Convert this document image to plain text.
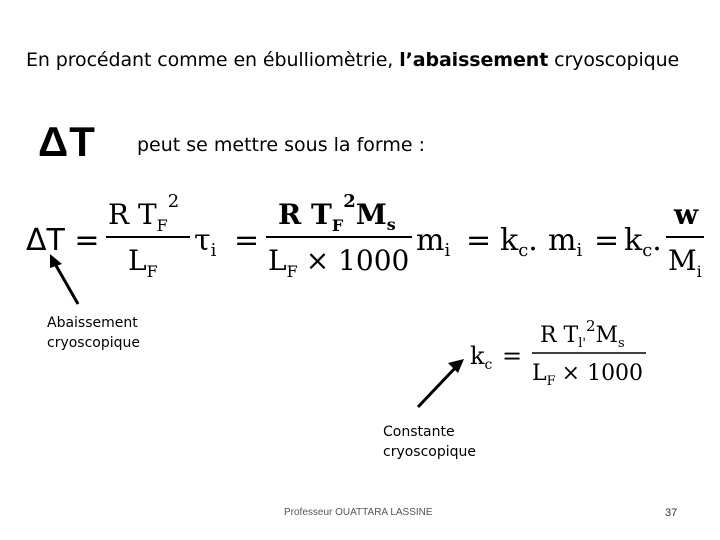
En procédant comme en ébulliomètrie, l’abaissement cryoscopique
ΔT peut se mettre sous la forme :
ΔT =
R $T_F^2$
$L_F$
$\tau_i$ =
R $T_F^2M_s$
$L_F \times 1000$
$m_i = k_c$. $m_i = k_c$.
w
$M_i$
Abaissement
cryoscopique	$k_c$ =
R $T_{l'}^2M_s$
$L_F \times 1000$
Constante
cryoscopique
Professeur OUATTARA LASSINE	37
